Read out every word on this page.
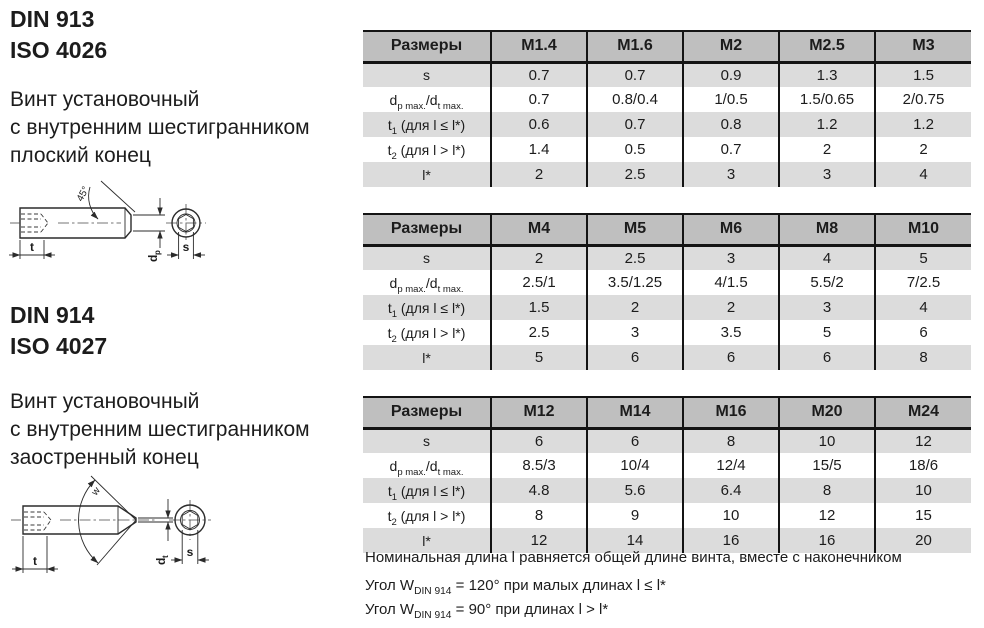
DIN 913
ISO 4026
Винт установочный
с внутренним шестигранником
плоский конец
45°
t
d
p s
DIN 914
ISO 4027
Винт установочный
с внутренним шестигранником
заостренный конец
w
t	d
t s
Размеры	M1.4	M1.6	M2	M2.5	M3
s	0.7	0.7	0.9	1.3	1.5
$d_{p max.}/d_{t max.}$	0.7	0.8/0.4	1/0.5	1.5/0.65	2/0.75
$t_1$ (для l ≤ l*)	0.6	0.7	0.8	1.2	1.2
$t_2$ (для l > l*)	1.4	0.5	0.7	2	2
l*	2	2.5	3	3	4
Размеры	M4	M5	M6	M8	M10
s	2	2.5	3	4	5
$d_{p max.}/d_{t max.}$	2.5/1	3.5/1.25	4/1.5	5.5/2	7/2.5
$t_1$ (для l ≤ l*)	1.5	2	2	3	4
$t_2$ (для l > l*)	2.5	3	3.5	5	6
l*	5	6	6	6	8
Размеры	M12	M14	M16	M20	M24
s	6	6	8	10	12
$d_{p max.}/d_{t max.}$	8.5/3	10/4	12/4	15/5	18/6
$t_1$ (для l ≤ l*)	4.8	5.6	6.4	8	10
$t_2$ (для l > l*)	8	9	10	12	15
l*	12	14	16	16	20
Номинальная длина l равняется общей длине винта, вместе с наконечником
Угол $W_{DIN 914} = 120^\circ$ при малых длинах l ≤ l*
Угол $W_{DIN 914} = 90^\circ$ при длинах l > l*
